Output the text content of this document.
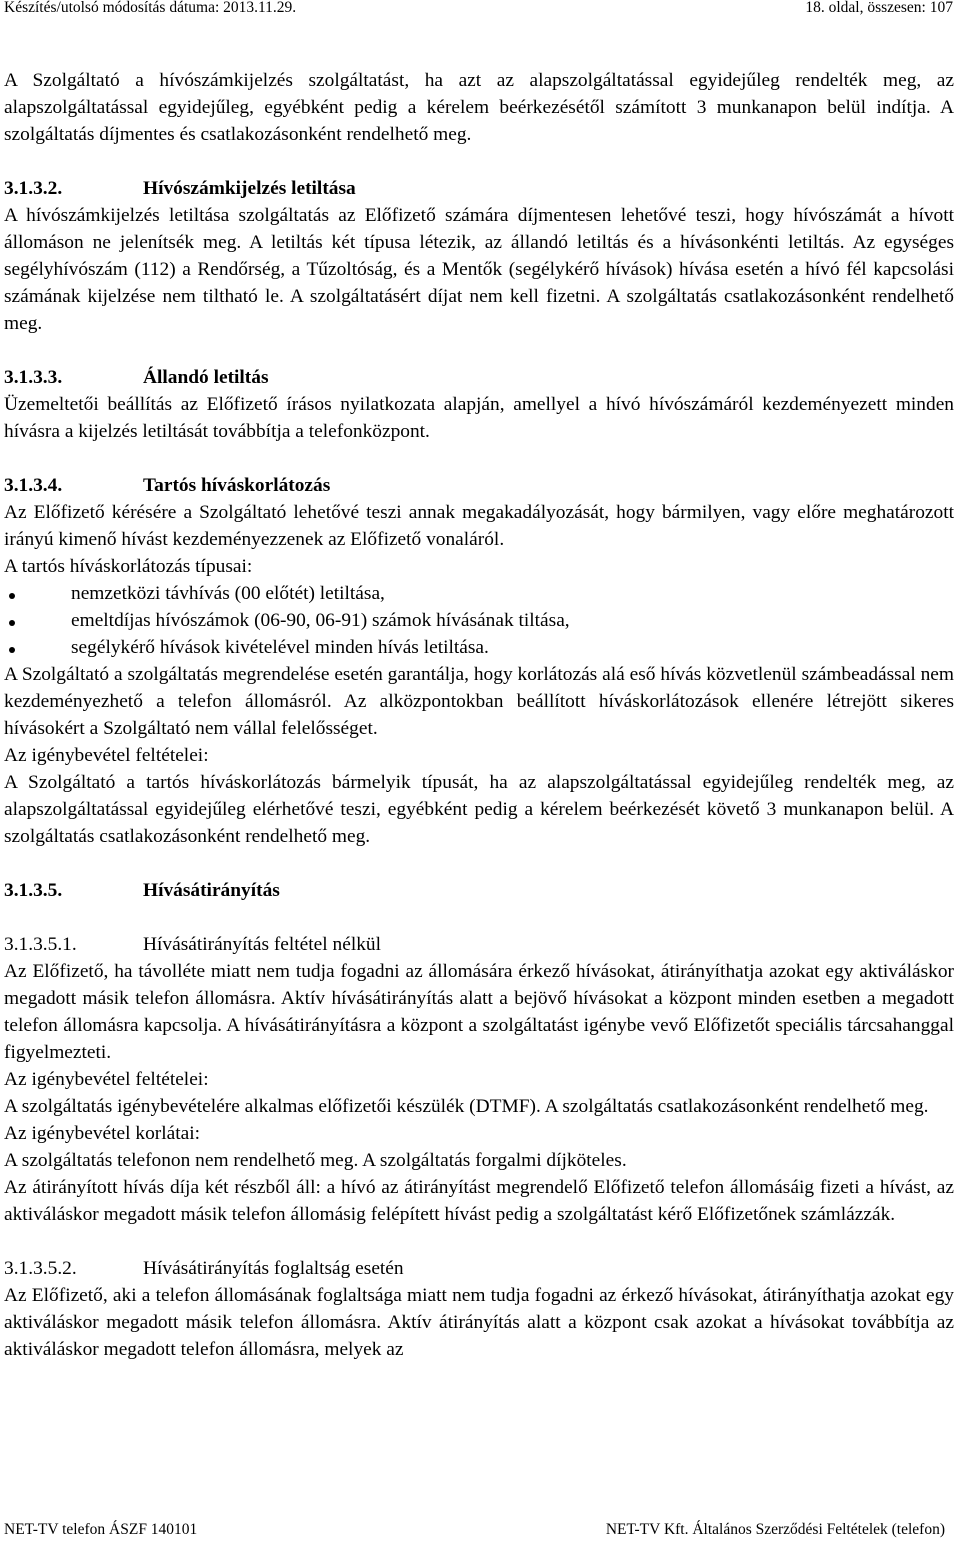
Készítés/utolsó módosítás dátuma: 2013.11.29.	18. oldal, összesen: 107

A Szolgáltató a hívószámkijelzés szolgáltatást, ha azt az alapszolgáltatással egyidejűleg rendelték meg, az alapszolgáltatással egyidejűleg, egyébként pedig a kérelem beérkezésétől számított 3 munkanapon belül indítja. A szolgáltatás díjmentes és csatlakozásonként rendelhető meg.

3.1.3.2.	Hívószámkijelzés letiltása

A hívószámkijelzés letiltása szolgáltatás az Előfizető számára díjmentesen lehetővé teszi, hogy hívószámát a hívott állomáson ne jelenítsék meg. A letiltás két típusa létezik, az állandó letiltás és a hívásonkénti letiltás. Az egységes segélyhívószám (112) a Rendőrség, a Tűzoltóság, és a Mentők (segélykérő hívások) hívása esetén a hívó fél kapcsolási számának kijelzése nem tiltható le. A szolgáltatásért díjat nem kell fizetni. A szolgáltatás csatlakozásonként rendelhető meg.

3.1.3.3.	Állandó letiltás

Üzemeltetői beállítás az Előfizető írásos nyilatkozata alapján, amellyel a hívó hívószámáról kezdeményezett minden hívásra a kijelzés letiltását továbbítja a telefonközpont.

3.1.3.4.	Tartós híváskorlátozás

Az Előfizető kérésére a Szolgáltató lehetővé teszi annak megakadályozását, hogy bármilyen, vagy előre meghatározott irányú kimenő hívást kezdeményezzenek az Előfizető vonaláról.

A tartós híváskorlátozás típusai:

nemzetközi távhívás (00 előtét) letiltása,
emeltdíjas hívószámok (06-90, 06-91) számok hívásának tiltása,
segélykérő hívások kivételével minden hívás letiltása.

A Szolgáltató a szolgáltatás megrendelése esetén garantálja, hogy korlátozás alá eső hívás közvetlenül számbeadással nem kezdeményezhető a telefon állomásról. Az alközpontokban beállított híváskorlátozások ellenére létrejött sikeres hívásokért a Szolgáltató nem vállal felelősséget.

Az igénybevétel feltételei:

A Szolgáltató a tartós híváskorlátozás bármelyik típusát, ha az alapszolgáltatással egyidejűleg rendelték meg, az alapszolgáltatással egyidejűleg elérhetővé teszi, egyébként pedig a kérelem beérkezését követő 3 munkanapon belül. A szolgáltatás csatlakozásonként rendelhető meg.

3.1.3.5.	Hívásátirányítás
3.1.3.5.1.	Hívásátirányítás feltétel nélkül

Az Előfizető, ha távolléte miatt nem tudja fogadni az állomására érkező hívásokat, átirányíthatja azokat egy aktiváláskor megadott másik telefon állomásra. Aktív hívásátirányítás alatt a bejövő hívásokat a központ minden esetben a megadott telefon állomásra kapcsolja. A hívásátirányításra a központ a szolgáltatást igénybe vevő Előfizetőt speciális tárcsahanggal figyelmezteti.

Az igénybevétel feltételei:

A szolgáltatás igénybevételére alkalmas előfizetői készülék (DTMF). A szolgáltatás csatlakozásonként rendelhető meg.

Az igénybevétel korlátai:

A szolgáltatás telefonon nem rendelhető meg. A szolgáltatás forgalmi díjköteles.

Az átirányított hívás díja két részből áll: a hívó az átirányítást megrendelő Előfizető telefon állomásáig fizeti a hívást, az aktiváláskor megadott másik telefon állomásig felépített hívást pedig a szolgáltatást kérő Előfizetőnek számlázzák.

3.1.3.5.2.	Hívásátirányítás foglaltság esetén

Az Előfizető, aki a telefon állomásának foglaltsága miatt nem tudja fogadni az érkező hívásokat, átirányíthatja azokat egy aktiváláskor megadott másik telefon állomásra. Aktív átirányítás alatt a központ csak azokat a hívásokat továbbítja az aktiváláskor megadott telefon állomásra, melyek az

NET-TV telefon ÁSZF 140101	NET-TV Kft. Általános Szerződési Feltételek (telefon)
